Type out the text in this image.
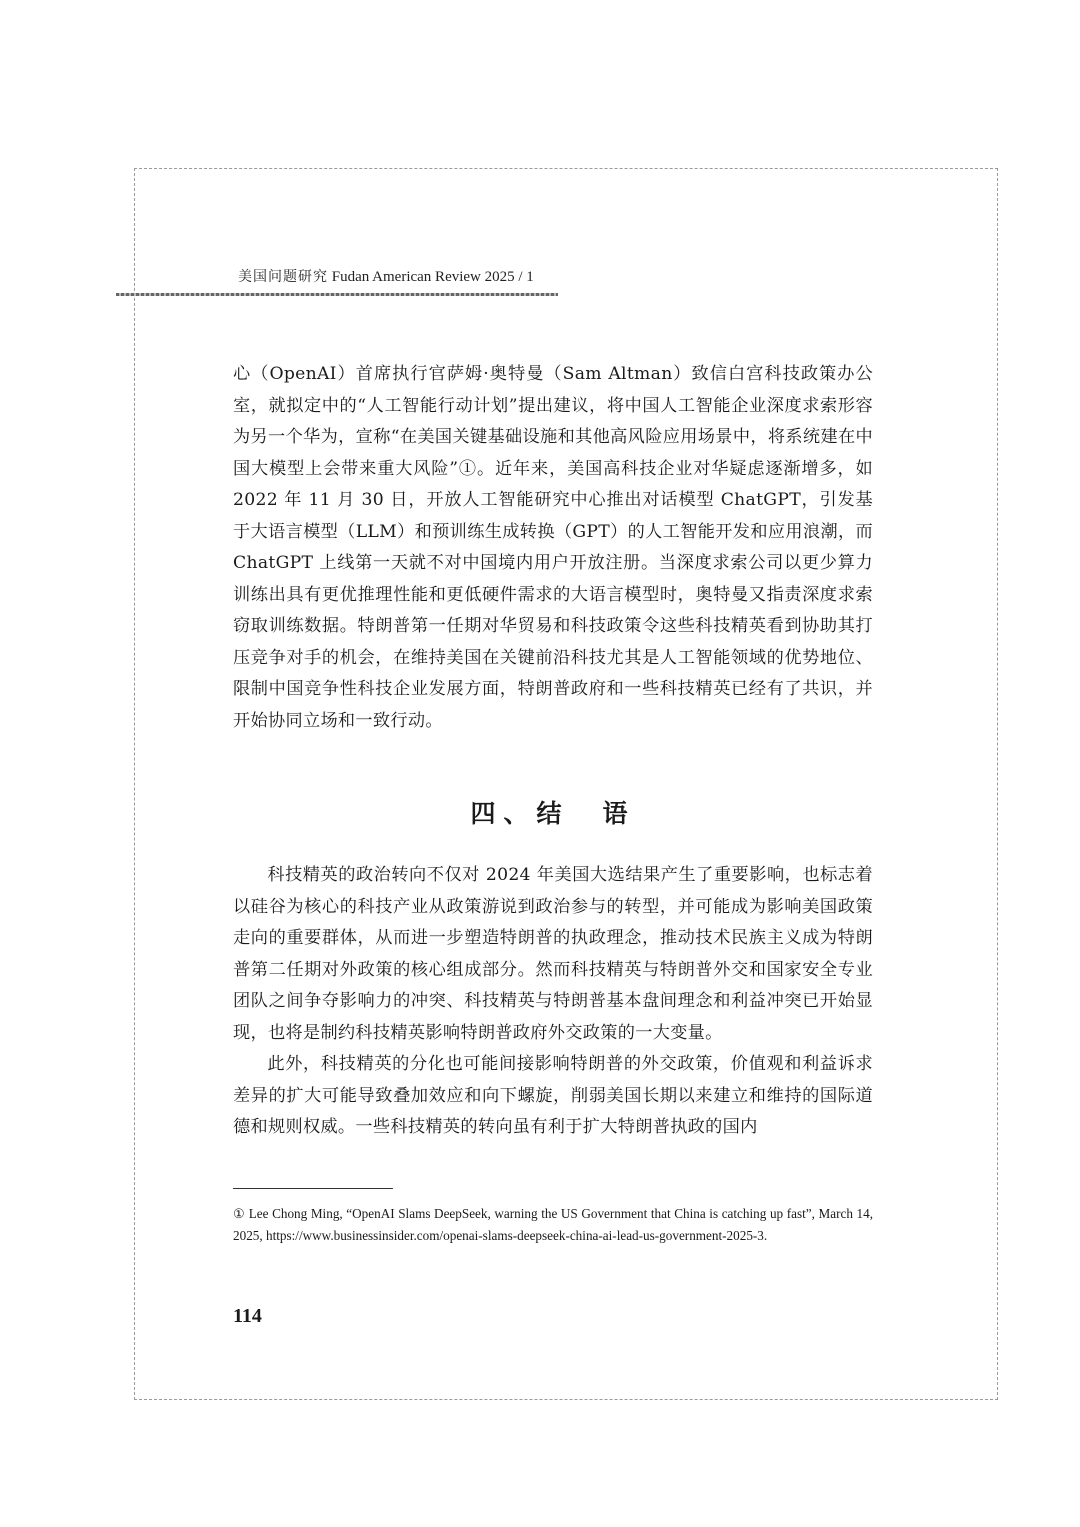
美国问题研究 Fudan American Review 2025 / 1

心（OpenAI）首席执行官萨姆·奥特曼（Sam Altman）致信白宫科技政策办公室，就拟定中的“人工智能行动计划”提出建议，将中国人工智能企业深度求索形容为另一个华为，宣称“在美国关键基础设施和其他高风险应用场景中，将系统建在中国大模型上会带来重大风险”①。近年来，美国高科技企业对华疑虑逐渐增多，如 2022 年 11 月 30 日，开放人工智能研究中心推出对话模型 ChatGPT，引发基于大语言模型（LLM）和预训练生成转换（GPT）的人工智能开发和应用浪潮，而 ChatGPT 上线第一天就不对中国境内用户开放注册。当深度求索公司以更少算力训练出具有更优推理性能和更低硬件需求的大语言模型时，奥特曼又指责深度求索窃取训练数据。特朗普第一任期对华贸易和科技政策令这些科技精英看到协助其打压竞争对手的机会，在维持美国在关键前沿科技尤其是人工智能领域的优势地位、限制中国竞争性科技企业发展方面，特朗普政府和一些科技精英已经有了共识，并开始协同立场和一致行动。

四、结　语

科技精英的政治转向不仅对 2024 年美国大选结果产生了重要影响，也标志着以硅谷为核心的科技产业从政策游说到政治参与的转型，并可能成为影响美国政策走向的重要群体，从而进一步塑造特朗普的执政理念，推动技术民族主义成为特朗普第二任期对外政策的核心组成部分。然而科技精英与特朗普外交和国家安全专业团队之间争夺影响力的冲突、科技精英与特朗普基本盘间理念和利益冲突已开始显现，也将是制约科技精英影响特朗普政府外交政策的一大变量。

此外，科技精英的分化也可能间接影响特朗普的外交政策，价值观和利益诉求差异的扩大可能导致叠加效应和向下螺旋，削弱美国长期以来建立和维持的国际道德和规则权威。一些科技精英的转向虽有利于扩大特朗普执政的国内

① Lee Chong Ming, “OpenAI Slams DeepSeek, warning the US Government that China is catching up fast”, March 14, 2025, https://www.businessinsider.com/openai-slams-deepseek-china-ai-lead-us-government-2025-3.
114
